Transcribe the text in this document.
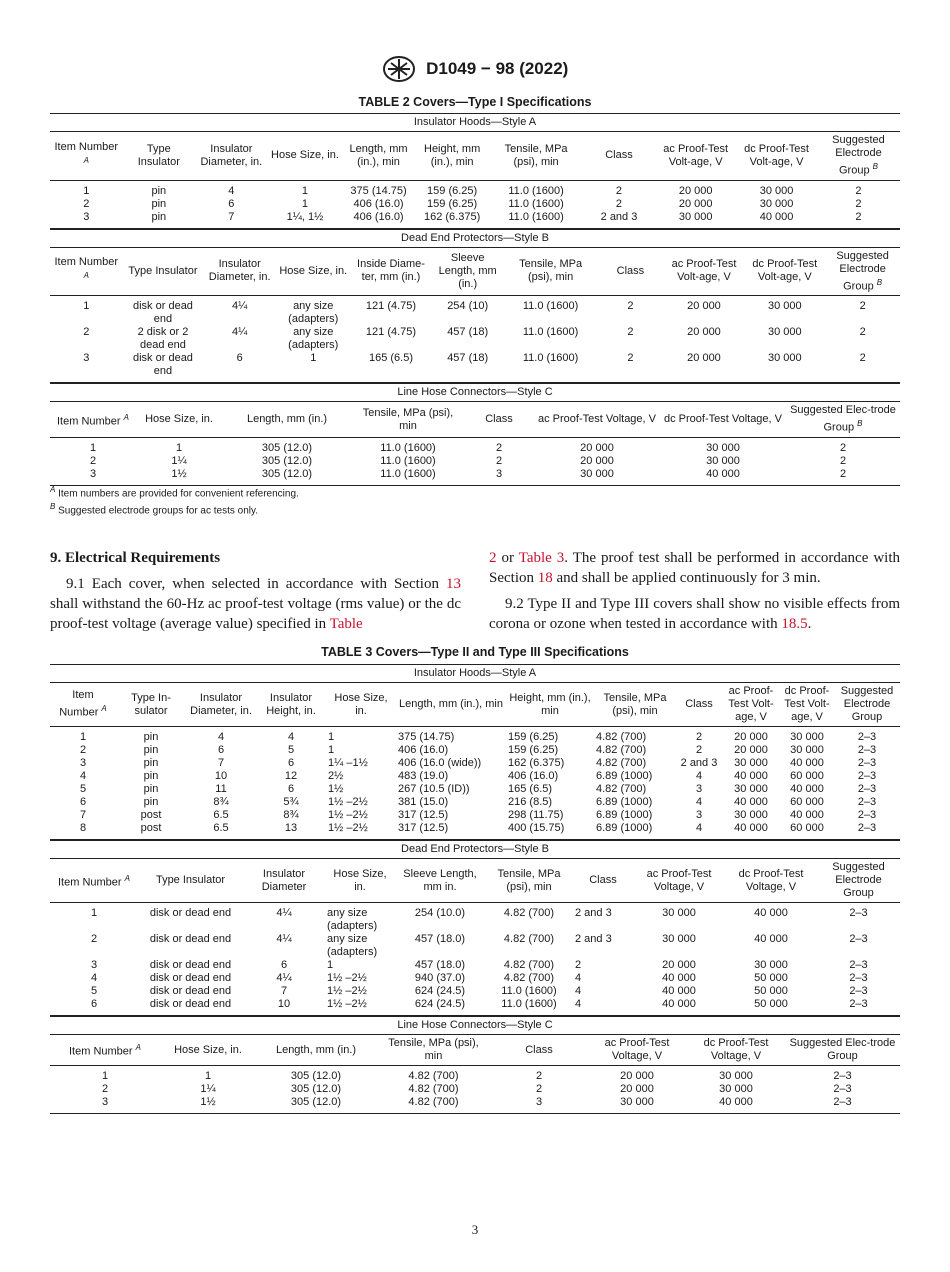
D1049 − 98 (2022)
TABLE 2 Covers—Type I Specifications
Insulator Hoods—Style A										
Item Number $^A$	Type Insulator	Insulator Diameter, in.	Hose Size, in.	Length, mm (in.), min	Height, mm (in.), min	Tensile, MPa (psi), min	Class	ac Proof-Test Volt-age, V	dc Proof-Test Volt-age, V	Suggested Electrode Group $^B$
1	pin	4	1	375 (14.75)	159 (6.25)	11.0 (1600)	2	20 000	30 000	2
2	pin	6	1	406 (16.0)	159 (6.25)	11.0 (1600)	2	20 000	30 000	2
3	pin	7	1¼, 1½	406 (16.0)	162 (6.375)	11.0 (1600)	2 and 3	30 000	40 000	2
Dead End Protectors—Style B										
Item Number $^A$	Type Insulator	Insulator Diameter, in.	Hose Size, in.	Inside Diame-ter, mm (in.)	Sleeve Length, mm (in.)	Tensile, MPa (psi), min	Class	ac Proof-Test Volt-age, V	dc Proof-Test Volt-age, V	Suggested Electrode Group $^B$
1	disk or dead end	4¼	any size (adapters)	121 (4.75)	254 (10)	11.0 (1600)	2	20 000	30 000	2
2	2 disk or 2 dead end	4¼	any size (adapters)	121 (4.75)	457 (18)	11.0 (1600)	2	20 000	30 000	2
3	disk or dead end	6	1	165 (6.5)	457 (18)	11.0 (1600)	2	20 000	30 000	2
Line Hose Connectors—Style C							
Item Number $^A$	Hose Size, in.	Length, mm (in.)	Tensile, MPa (psi), min	Class	ac Proof-Test Voltage, V	dc Proof-Test Voltage, V	Suggested Elec-trode Group $^B$
1	1	305 (12.0)	11.0 (1600)	2	20 000	30 000	2
2	1¼	305 (12.0)	11.0 (1600)	2	20 000	30 000	2
3	1½	305 (12.0)	11.0 (1600)	3	30 000	40 000	2
$^A$ Item numbers are provided for convenient referencing.
$^B$ Suggested electrode groups for ac tests only.
9. Electrical Requirements

9.1 Each cover, when selected in accordance with Section 13 shall withstand the 60-Hz ac proof-test voltage (rms value) or the dc proof-test voltage (average value) specified in Table

2 or Table 3. The proof test shall be performed in accordance with Section 18 and shall be applied continuously for 3 min.

9.2 Type II and Type III covers shall show no visible effects from corona or ozone when tested in accordance with 18.5.

TABLE 3 Covers—Type II and Type III Specifications
Insulator Hoods—Style A											
Item Number $^A$	Type In-sulator	Insulator Diameter, in.	Insulator Height, in.	Hose Size, in.	Length, mm (in.), min	Height, mm (in.), min	Tensile, MPa (psi), min	Class	ac Proof-Test Volt-age, V	dc Proof-Test Volt-age, V	Suggested Electrode Group
1	pin	4	4	1	375 (14.75)	159 (6.25)	4.82 (700)	2	20 000	30 000	2–3
2	pin	6	5	1	406 (16.0)	159 (6.25)	4.82 (700)	2	20 000	30 000	2–3
3	pin	7	6	1¼ –1½	406 (16.0 (wide))	162 (6.375)	4.82 (700)	2 and 3	30 000	40 000	2–3
4	pin	10	12	2½	483 (19.0)	406 (16.0)	6.89 (1000)	4	40 000	60 000	2–3
5	pin	11	6	1½	267 (10.5 (ID))	165 (6.5)	4.82 (700)	3	30 000	40 000	2–3
6	pin	8¾	5¾	1½ –2½	381 (15.0)	216 (8.5)	6.89 (1000)	4	40 000	60 000	2–3
7	post	6.5	8¾	1½ –2½	317 (12.5)	298 (11.75)	6.89 (1000)	3	30 000	40 000	2–3
8	post	6.5	13	1½ –2½	317 (12.5)	400 (15.75)	6.89 (1000)	4	40 000	60 000	2–3
Dead End Protectors—Style B									
Item Number $^A$	Type Insulator	Insulator Diameter	Hose Size, in.	Sleeve Length, mm in.	Tensile, MPa (psi), min	Class	ac Proof-Test Voltage, V	dc Proof-Test Voltage, V	Suggested Electrode Group
1	disk or dead end	4¼	any size (adapters)	254 (10.0)	4.82 (700)	2 and 3	30 000	40 000	2–3
2	disk or dead end	4¼	any size (adapters)	457 (18.0)	4.82 (700)	2 and 3	30 000	40 000	2–3
3	disk or dead end	6	1	457 (18.0)	4.82 (700)	2	20 000	30 000	2–3
4	disk or dead end	4¼	1½ –2½	940 (37.0)	4.82 (700)	4	40 000	50 000	2–3
5	disk or dead end	7	1½ –2½	624 (24.5)	11.0 (1600)	4	40 000	50 000	2–3
6	disk or dead end	10	1½ –2½	624 (24.5)	11.0 (1600)	4	40 000	50 000	2–3
Line Hose Connectors—Style C							
Item Number $^A$	Hose Size, in.	Length, mm (in.)	Tensile, MPa (psi), min	Class	ac Proof-Test Voltage, V	dc Proof-Test Voltage, V	Suggested Elec-trode Group
1	1	305 (12.0)	4.82 (700)	2	20 000	30 000	2–3
2	1¼	305 (12.0)	4.82 (700)	2	20 000	30 000	2–3
3	1½	305 (12.0)	4.82 (700)	3	30 000	40 000	2–3
3
